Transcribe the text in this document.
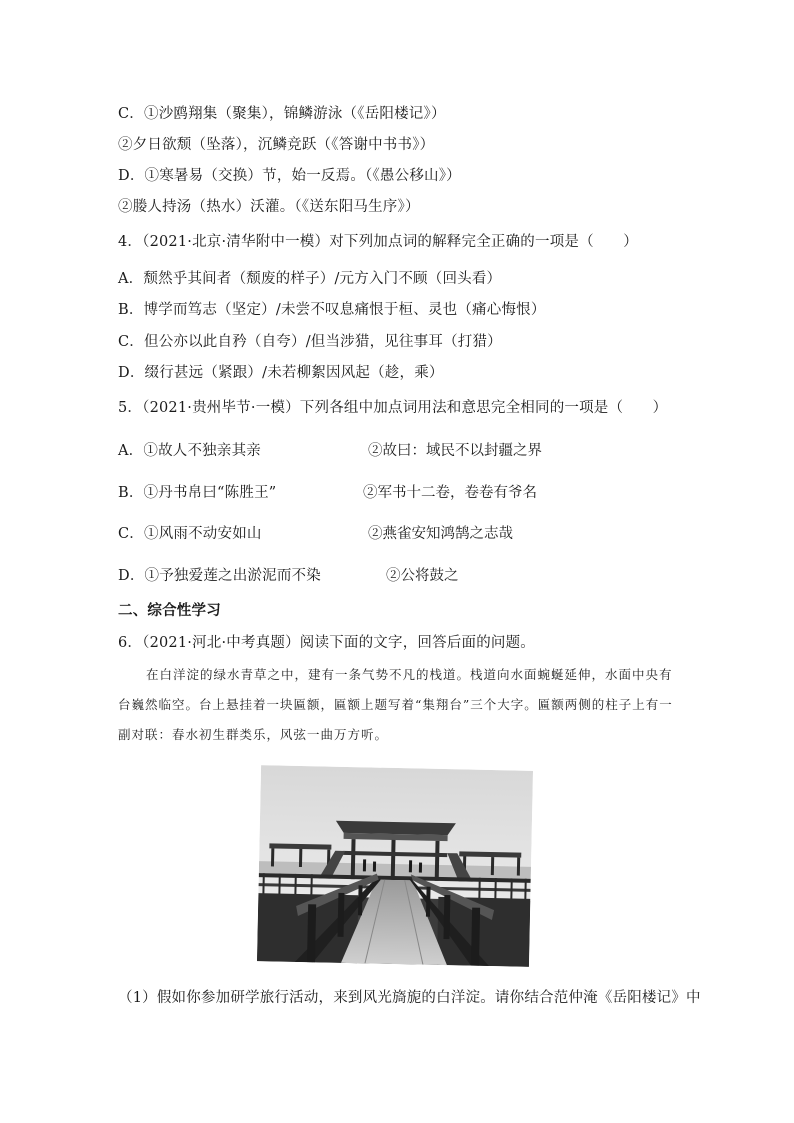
C．①沙鸥翔集（聚集），锦鳞游泳（《岳阳楼记》）
②夕日欲颓（坠落），沉鳞竞跃（《答谢中书书》）
D．①寒暑易（交换）节，始一反焉。（《愚公移山》）
②媵人持汤（热水）沃灌。（《送东阳马生序》）
4．（2021·北京·清华附中一模）对下列加点词的解释完全正确的一项是（　　）
A．颓然乎其间者（颓废的样子）/元方入门不顾（回头看）
B．博学而笃志（坚定）/未尝不叹息痛恨于桓、灵也（痛心悔恨）
C．但公亦以此自矜（自夸）/但当涉猎，见往事耳（打猎）
D．缀行甚远（紧跟）/未若柳絮因风起（趁，乘）
5．（2021·贵州毕节·一模）下列各组中加点词用法和意思完全相同的一项是（　　）
A．①故人不独亲其亲	②故曰：域民不以封疆之界
B．①丹书帛曰“陈胜王”	②军书十二卷，卷卷有爷名
C．①风雨不动安如山	②燕雀安知鸿鹄之志哉
D．①予独爱莲之出淤泥而不染	②公将鼓之
二、综合性学习
6．（2021·河北·中考真题）阅读下面的文字，回答后面的问题。
在白洋淀的绿水青草之中，建有一条气势不凡的栈道。栈道向水面蜿蜒延伸，水面中央有台巍然临空。台上悬挂着一块匾额，匾额上题写着“集翔台”三个大字。匾额两侧的柱子上有一副对联：春水初生群类乐，风弦一曲万方听。
（1）假如你参加研学旅行活动，来到风光旖旎的白洋淀。请你结合范仲淹《岳阳楼记》中
